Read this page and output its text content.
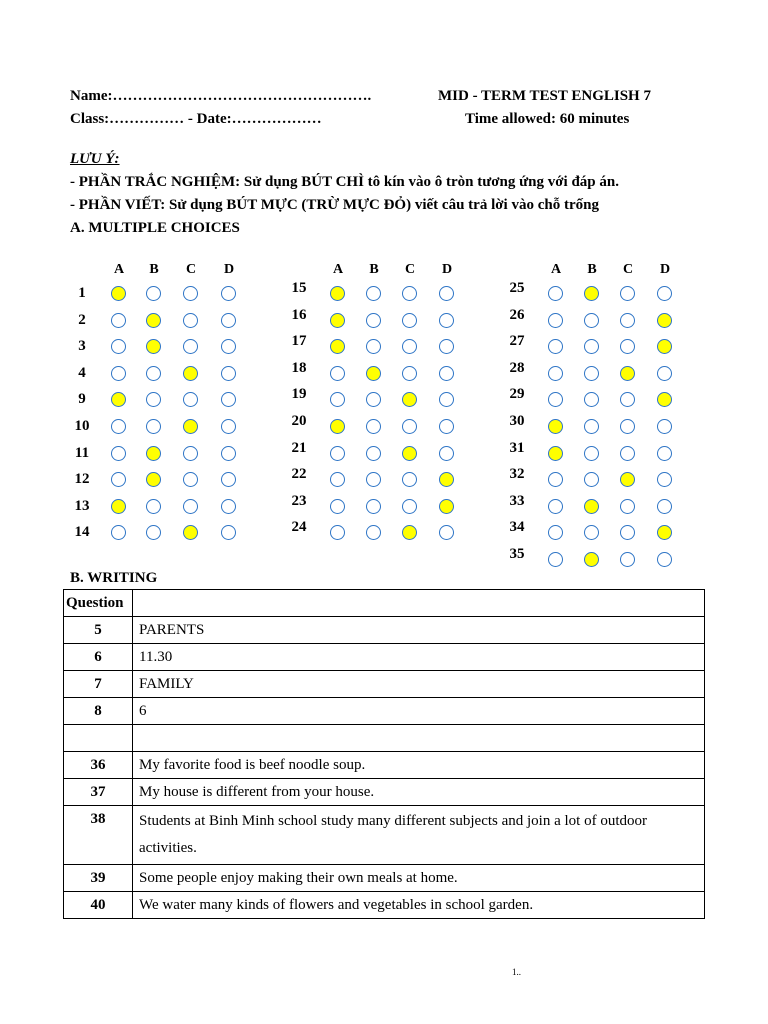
Name:…………………………………………….
Class:…………… - Date:………………
MID - TERM TEST ENGLISH 7
Time allowed: 60 minutes
LƯU Ý:
- PHẦN TRẮC NGHIỆM: Sử dụng BÚT CHÌ tô kín vào ô tròn tương ứng với đáp án.
- PHẦN VIẾT: Sử dụng BÚT MỰC (TRỪ MỰC ĐỎ) viết câu trả lời vào chỗ trống
A. MULTIPLE CHOICES
A	B	C	D
1
2
3
4
9
10
11
12
13
14
A	B	C	D
15
16
17
18
19
20
21
22
23
24
A	B	C	D
25
26
27
28
29
30
31
32
33
34
35
B. WRITING
Question	
5	PARENTS
6	11.30
7	FAMILY
8	6

36	My favorite food is beef noodle soup.
37	My house is different from your house.
38	Students at Binh Minh school study many different subjects and join a lot of outdoor activities.
39	Some people enjoy making their own meals at home.
40	We water many kinds of flowers and vegetables in school garden.
1..
